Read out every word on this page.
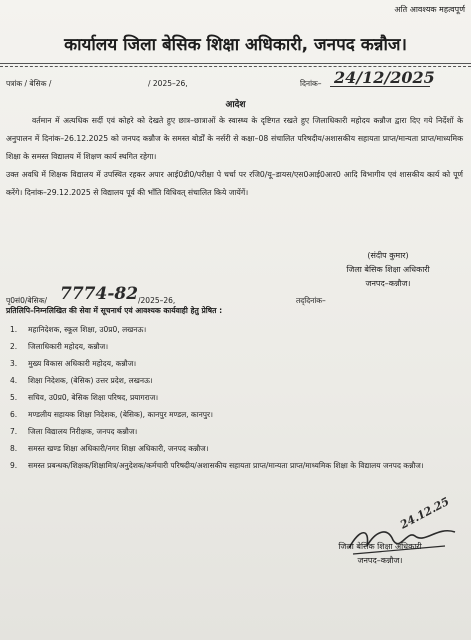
अति आवश्यक महत्वपूर्ण
कार्यालय जिला बेसिक शिक्षा अधिकारी, जनपद कन्नौज।
पत्रांक / बेसिक /	/ 2025–26,	दिनांक– 24/12/2025
आदेश

वर्तमान में अत्यधिक सर्दी एवं कोहरे को देखते हुए छात्र–छात्राओं के स्वास्थ्य के दृष्टिगत रखते हुए जिलाधिकारी महोदय कन्नौज द्वारा दिए गये निर्देशों के अनुपालन में दिनांक–26.12.2025 को जनपद कन्नौज के समस्त बोर्डों के नर्सरी से कक्षा–08 संचालित परिषदीय/अशासकीय सहायता प्राप्त/मान्यता प्राप्त/माध्यमिक शिक्षा के समस्त विद्यालय में शिक्षण कार्य स्थगित रहेगा।

उक्त अवधि में शिक्षक विद्यालय में उपस्थित रहकर अपार आई0डी0/परीक्षा पे चर्चा पर रजि0/यू–डायस/एस0आई0आर0 आदि विभागीय एवं शासकीय कार्य को पूर्ण करेंगे। दिनांक–29.12.2025 से विद्यालय पूर्व की भाँति विधिवत् संचालित किये जायेंगें।

(संदीप कुमार)
जिला बेसिक शिक्षा अधिकारी
जनपद–कन्नौज।
पृ0सं0/बेसिक/ 7774-82 /2025–26,	तद्‌दिनांक–
प्रतिलिपि–निम्नलिखित की सेवा में सूचनार्थ एवं आवश्यक कार्यवाही हेतु प्रेषित :
1.	महानिदेशक, स्कूल शिक्षा, उ0प्र0, लखनऊ।
2.	जिलाधिकारी महोदय, कन्नौज।
3.	मुख्य विकास अधिकारी महोदय, कन्नौज।
4.	शिक्षा निदेशक, (बेसिक) उत्तर प्रदेश, लखनऊ।
5.	सचिव, उ0प्र0, बेसिक शिक्षा परिषद, प्रयागराज।
6.	मण्डलीय सहायक शिक्षा निदेशक, (बेसिक), कानपुर मण्डल, कानपुर।
7.	जिला विद्यालय निरीक्षक, जनपद कन्नौज।
8.	समस्त खण्ड शिक्षा अधिकारी/नगर शिक्षा अधिकारी, जनपद कन्नौज।
9.	समस्त प्रबन्धक/शिक्षक/शिक्षामित्र/अनुदेशक/कर्मचारी परिषदीय/अशासकीय सहायता प्राप्त/मान्यता प्राप्त/माध्यमिक शिक्षा के विद्यालय जनपद कन्नौज।
24.12.25
जिला बेसिक शिक्षा अधिकारी
जनपद–कन्नौज।
